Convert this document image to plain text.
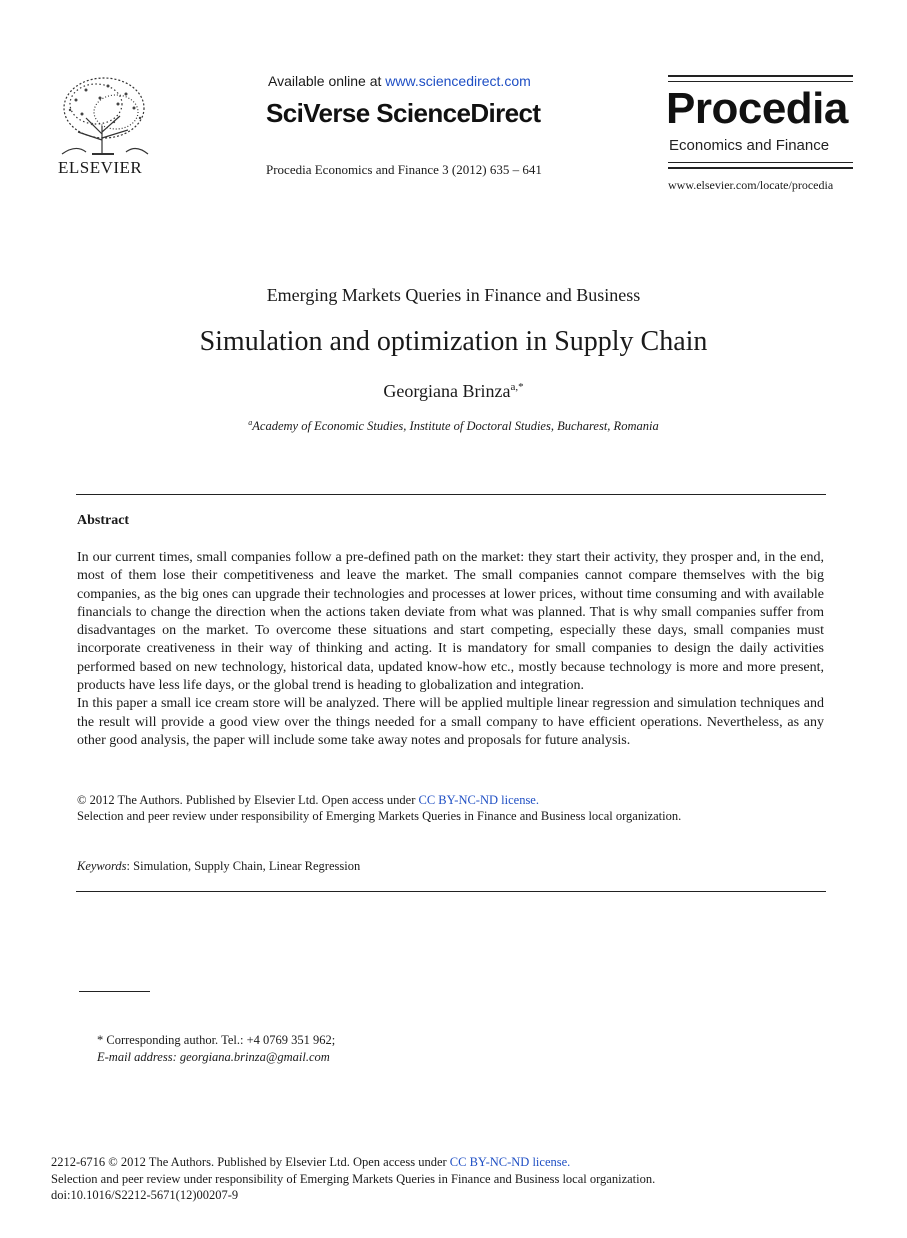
ELSEVIER
Available online at www.sciencedirect.com
SciVerse ScienceDirect
Procedia Economics and Finance 3 (2012) 635 – 641
Procedia
Economics and Finance
www.elsevier.com/locate/procedia
Emerging Markets Queries in Finance and Business
Simulation and optimization in Supply Chain
Georgiana Brinza$^{a,*}$
$^a$Academy of Economic Studies, Institute of Doctoral Studies, Bucharest, Romania
Abstract

In our current times, small companies follow a pre-defined path on the market: they start their activity, they prosper and, in the end, most of them lose their competitiveness and leave the market. The small companies cannot compare themselves with the big companies, as the big ones can upgrade their technologies and processes at lower prices, without time consuming and with available financials to change the direction when the actions taken deviate from what was planned. That is why small companies suffer from disadvantages on the market. To overcome these situations and start competing, especially these days, small companies must incorporate creativeness in their way of thinking and acting. It is mandatory for small companies to design the daily activities performed based on new technology, historical data, updated know-how etc., mostly because technology is more and more present, products have less life days, or the global trend is heading to globalization and integration.

In this paper a small ice cream store will be analyzed. There will be applied multiple linear regression and simulation techniques and the result will provide a good view over the things needed for a small company to have efficient operations. Nevertheless, as any other good analysis, the paper will include some take away notes and proposals for future analysis.

© 2012 The Authors. Published by Elsevier Ltd. Open access under CC BY-NC-ND license.
Selection and peer review under responsibility of Emerging Markets Queries in Finance and Business local organization.
Keywords: Simulation, Supply Chain, Linear Regression
* Corresponding author. Tel.: +4 0769 351 962;
E-mail address: georgiana.brinza@gmail.com
2212-6716 © 2012 The Authors. Published by Elsevier Ltd. Open access under CC BY-NC-ND license.
Selection and peer review under responsibility of Emerging Markets Queries in Finance and Business local organization.
doi:10.1016/S2212-5671(12)00207-9
